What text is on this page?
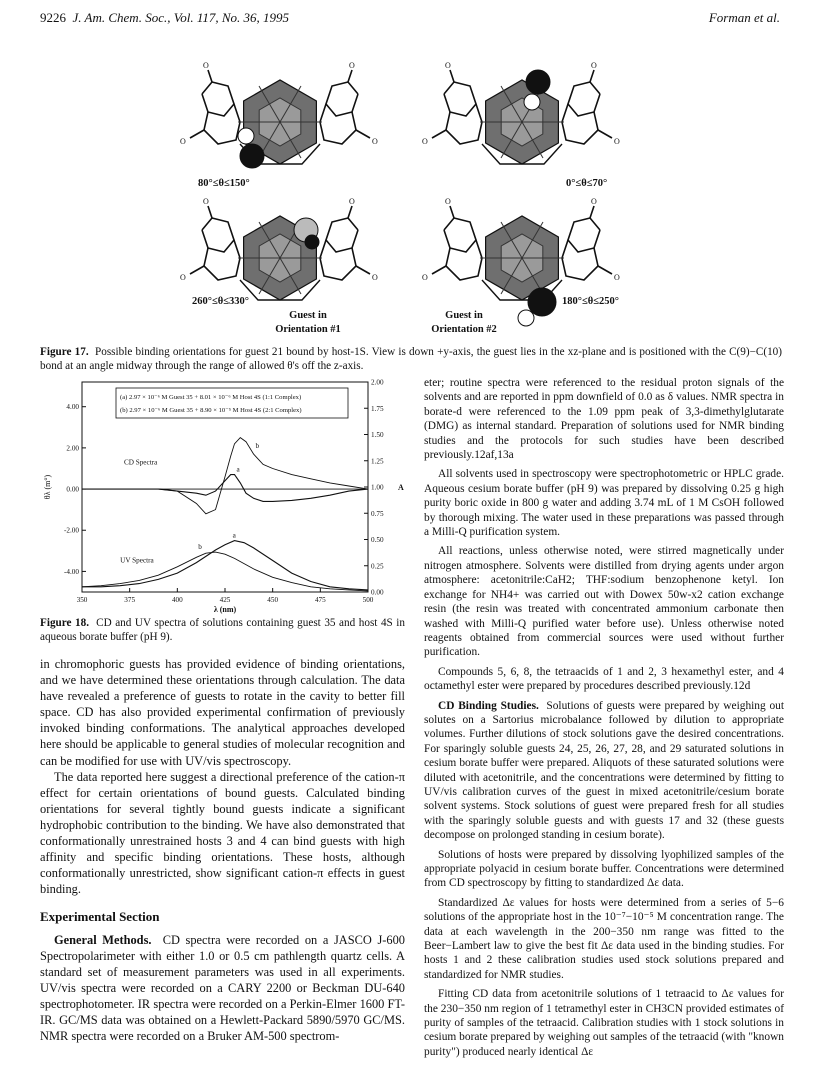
9226 J. Am. Chem. Soc., Vol. 117, No. 36, 1995	Forman et al.
O	O
O	O
O	O
O	O
O	O
O	O
O	O
O	O
80°≤θ≤150°	0°≤θ≤70°
260°≤θ≤330°	180°≤θ≤250°
Guest in
Orientation #1
Guest in
Orientation #2
Figure 17. Possible binding orientations for guest 21 bound by host-1S. View is down +y-axis, the guest lies in the xz-plane and is positioned with the C(9)−C(10) bond at an angle midway through the range of allowed θ's off the z-axis.
350	375	400	425	450	475	500
4.00
2.00
0.00
-2.00
-4.00
2.00
1.75
1.50
1.25
1.00
0.75
0.50
0.25
0.00
λ (nm)
θλ (m°)	A
(a) 2.97 × 10⁻⁶ M Guest 35 + 8.01 × 10⁻⁶ M Host 4S (1:1 Complex)
(b) 2.97 × 10⁻⁶ M Guest 35 + 8.90 × 10⁻⁵ M Host 4S (2:1 Complex)
CD Spectra
UV Spectra
a
b
a
b
Figure 18. CD and UV spectra of solutions containing guest 35 and host 4S in aqueous borate buffer (pH 9).

in chromophoric guests has provided evidence of binding orientations, and we have determined these orientations through calculation. The data have revealed a preference of guests to rotate in the cavity to better fill space. CD has also provided experimental confirmation of previously invoked binding conformations. The analytical approaches developed here should be applicable to general studies of molecular recognition and can be modified for use with UV/vis spectroscopy.

The data reported here suggest a directional preference of the cation-π effect for certain orientations of bound guests. Calculated binding orientations for several tightly bound guests indicate a significant hydrophobic contribution to the binding. We have also demonstrated that conformationally unrestrained hosts 3 and 4 can bind guests with high affinity and specific binding orientations. These hosts, although conformationally unrestricted, show significant cation-π effects in guest binding.

Experimental Section

General Methods. CD spectra were recorded on a JASCO J-600 Spectropolarimeter with either 1.0 or 0.5 cm pathlength quartz cells. A standard set of measurement parameters was used in all experiments. UV/vis spectra were recorded on a CARY 2200 or Beckman DU-640 spectrophotometer. IR spectra were recorded on a Perkin-Elmer 1600 FT-IR. GC/MS data was obtained on a Hewlett-Packard 5890/5970 GC/MS. NMR spectra were recorded on a Bruker AM-500 spectrom-

eter; routine spectra were referenced to the residual proton signals of the solvents and are reported in ppm downfield of 0.0 as δ values. NMR spectra in borate-d were referenced to the 1.09 ppm peak of 3,3-dimethylglutarate (DMG) as internal standard. Preparation of solutions used for NMR binding studies and the protocols for such studies have been described previously.12af,13a

All solvents used in spectroscopy were spectrophotometric or HPLC grade. Aqueous cesium borate buffer (pH 9) was prepared by dissolving 0.25 g high purity boric oxide in 800 g water and adding 3.74 mL of 1 M CsOH followed by thorough mixing. The water used in these preparations was passed through a Milli-Q purification system.

All reactions, unless otherwise noted, were stirred magnetically under nitrogen atmosphere. Solvents were distilled from drying agents under argon atmosphere: acetonitrile:CaH2; THF:sodium benzophenone ketyl. Ion exchange for NH4+ was carried out with Dowex 50w-x2 cation exchange resin (the resin was treated with concentrated ammonium carbonate then washed with Milli-Q purified water before use). Unless otherwise noted reagents obtained from commercial sources were used without further purification.

Compounds 5, 6, 8, the tetraacids of 1 and 2, 3 hexamethyl ester, and 4 octamethyl ester were prepared by procedures described previously.12d

CD Binding Studies. Solutions of guests were prepared by weighing out solutes on a Sartorius microbalance followed by dilution to appropriate volumes. Further dilutions of stock solutions gave the desired concentrations. For sparingly soluble guests 24, 25, 26, 27, 28, and 29 saturated solutions in cesium borate buffer were prepared. Aliquots of these saturated solutions were diluted with acetonitrile, and the concentrations were determined by fitting to UV/vis calibration curves of the guest in mixed acetonitrile/cesium borate solvent systems. Stock solutions of guest were prepared fresh for all studies with the sparingly soluble guests and with guests 17 and 32 (these guests decompose on prolonged standing in cesium borate).

Solutions of hosts were prepared by dissolving lyophilized samples of the appropriate polyacid in cesium borate buffer. Concentrations were determined from CD spectroscopy by fitting to standardized Δε data.

Standardized Δε values for hosts were determined from a series of 5−6 solutions of the appropriate host in the 10⁻⁷−10⁻⁵ M concentration range. The data at each wavelength in the 200−350 nm range was fitted to the Beer−Lambert law to give the best fit Δε data used in the binding studies. For hosts 1 and 2 these calibration studies used stock solutions prepared and standardized for NMR studies.

Fitting CD data from acetonitrile solutions of 1 tetraacid to Δε values for the 230−350 nm region of 1 tetramethyl ester in CH3CN provided estimates of purity of samples of the tetraacid. Calibration studies with 1 stock solutions in cesium borate prepared by weighing out samples of the tetraacid (with "known purity") produced nearly identical Δε
